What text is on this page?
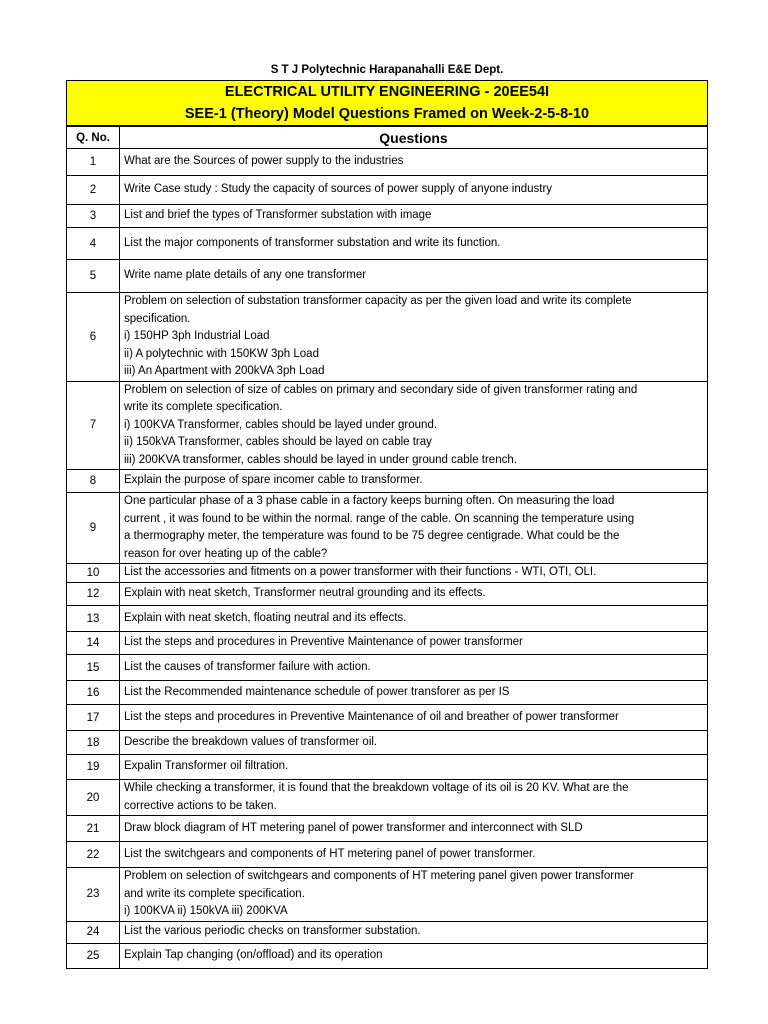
S T J Polytechnic Harapanahalli E&E Dept.
ELECTRICAL UTILITY ENGINEERING - 20EE54I
SEE-1 (Theory) Model Questions Framed on Week-2-5-8-10
Q. No.	Questions
1	What are the Sources of power supply to the industries
2	Write Case study : Study the capacity of sources of power supply of anyone industry
3	List and brief the types of Transformer substation with image
4	List the major components of transformer substation and write its function.
5	Write name plate details of any one transformer
6	Problem on selection of substation transformer capacity as per the given load and write its complete
specification.
i) 150HP 3ph Industrial Load
ii) A polytechnic with 150KW 3ph Load
iii) An Apartment with 200kVA 3ph Load
7	Problem on selection of size of cables on primary and secondary side of given transformer rating and
write its complete specification.
i) 100KVA Transformer, cables should be layed under ground.
ii) 150kVA Transformer, cables should be layed on cable tray
iii) 200KVA transformer, cables should be layed in under ground cable trench.
8	Explain the purpose of spare incomer cable to transformer.
9	One particular phase of a 3 phase cable in a factory keeps burning often. On measuring the load
current , it was found to be within the normal. range of the cable. On scanning the temperature using
a thermography meter, the temperature was found to be 75 degree centigrade. What could be the
reason for over heating up of the cable?
10	List the accessories and fitments on a power transformer with their functions - WTI, OTI, OLI.
12	Explain with neat sketch, Transformer neutral grounding and its effects.
13	Explain with neat sketch, floating neutral and its effects.
14	List the steps and procedures in Preventive Maintenance of power transformer
15	List the causes of transformer failure with action.
16	List the Recommended maintenance schedule of power transforer as per IS
17	List the steps and procedures in Preventive Maintenance of oil and breather of power transformer
18	Describe the breakdown values of transformer oil.
19	Expalin Transformer oil filtration.
20	While checking a transformer, it is found that the breakdown voltage of its oil is 20 KV. What are the
corrective actions to be taken.
21	Draw block diagram of HT metering panel of power transformer and interconnect with SLD
22	List the switchgears and components of HT metering panel of power transformer.
23	Problem on selection of switchgears and components of HT metering panel given power transformer
and write its complete specification.
i) 100KVA ii) 150kVA iii) 200KVA
24	List the various periodic checks on transformer substation.
25	Explain Tap changing (on/offload) and its operation
